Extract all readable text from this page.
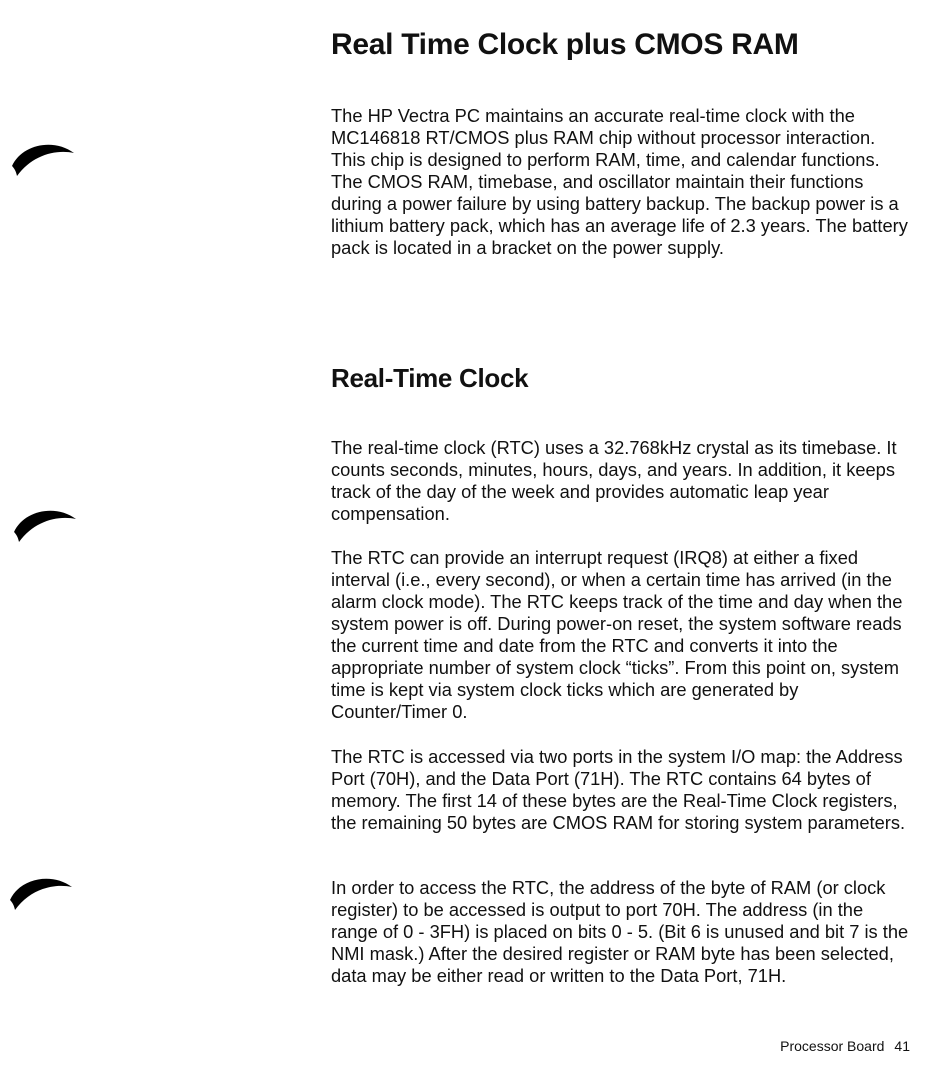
Real Time Clock plus CMOS RAM

The HP Vectra PC maintains an accurate real-time clock with the MC146818 RT/CMOS plus RAM chip without processor interaction. This chip is designed to perform RAM, time, and calendar functions. The CMOS RAM, timebase, and oscillator maintain their functions during a power failure by using battery backup. The backup power is a lithium battery pack, which has an average life of 2.3 years. The battery pack is located in a bracket on the power supply.

Real-Time Clock

The real-time clock (RTC) uses a 32.768kHz crystal as its timebase. It counts seconds, minutes, hours, days, and years. In addition, it keeps track of the day of the week and provides automatic leap year compensation.

The RTC can provide an interrupt request (IRQ8) at either a fixed interval (i.e., every second), or when a certain time has arrived (in the alarm clock mode). The RTC keeps track of the time and day when the system power is off. During power-on reset, the system software reads the current time and date from the RTC and converts it into the appropriate number of system clock “ticks”. From this point on, system time is kept via system clock ticks which are generated by Counter/Timer 0.

The RTC is accessed via two ports in the system I/O map: the Address Port (70H), and the Data Port (71H). The RTC contains 64 bytes of memory. The first 14 of these bytes are the Real-Time Clock registers, the remaining 50 bytes are CMOS RAM for storing system parameters.

In order to access the RTC, the address of the byte of RAM (or clock register) to be accessed is output to port 70H. The address (in the range of 0 - 3FH) is placed on bits 0 - 5. (Bit 6 is unused and bit 7 is the NMI mask.) After the desired register or RAM byte has been selected, data may be either read or written to the Data Port, 71H.

Processor Board 41
